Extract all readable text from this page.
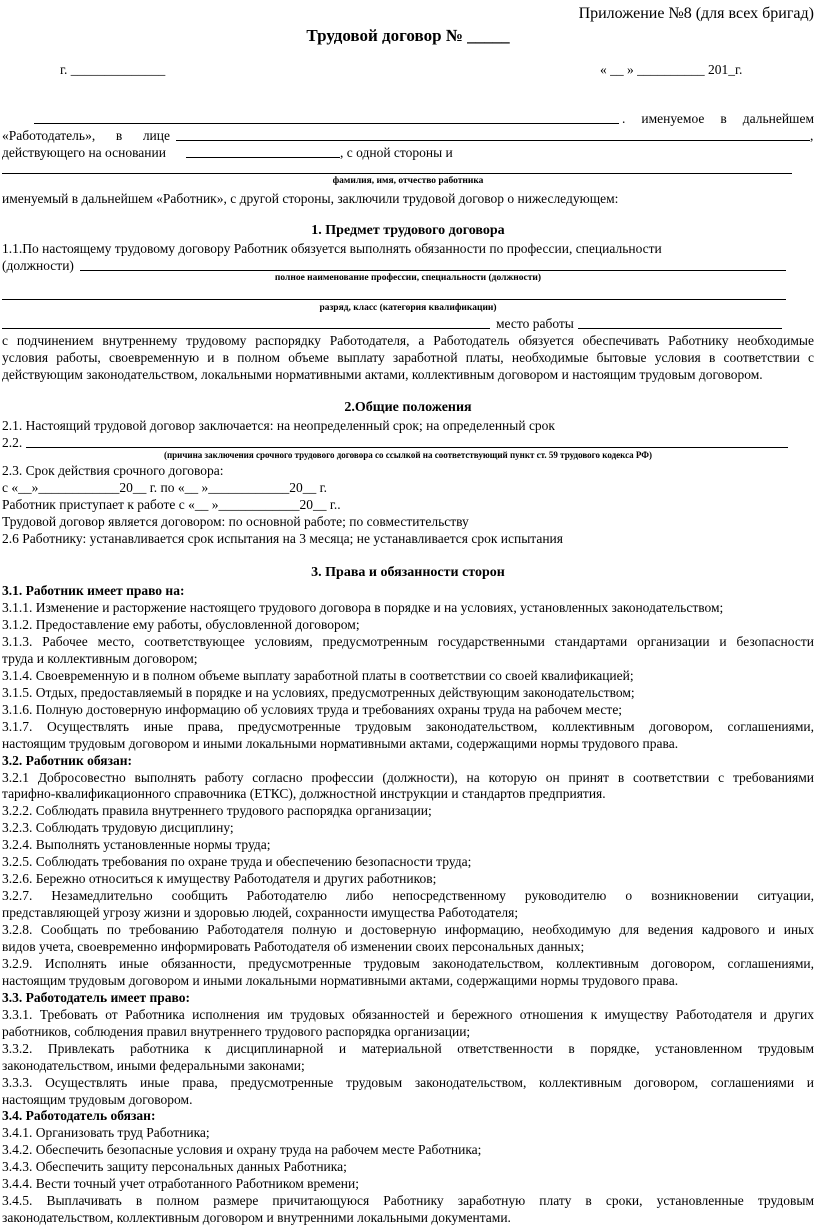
Приложение №8 (для всех бригад)
Трудовой договор № _____
г. ______________	« __ » __________ 201_г.
. именуемое в дальнейшем
«Работодатель», в лице	,
действующего на основании	, с одной стороны и
фамилия, имя, отчество работника
именуемый в дальнейшем «Работник», с другой стороны, заключили трудовой договор о нижеследующем:
1. Предмет трудового договора
1.1.По настоящему трудовому договору Работник обязуется выполнять обязанности по профессии, специальности
(должности)
полное наименование профессии, специальности (должности)
разряд, класс (категория квалификации)
место работы
с подчинением внутреннему трудовому распорядку Работодателя, а Работодатель обязуется обеспечивать Работнику необходимые
условия работы, своевременную и в полном объеме выплату заработной платы, необходимые бытовые условия в соответствии с
действующим законодательством, локальными нормативными актами, коллективным договором и настоящим трудовым договором.
2.Общие положения
2.1. Настоящий трудовой договор заключается: на неопределенный срок; на определенный срок
2.2.
(причина заключения срочного трудового договора со ссылкой на соответствующий пункт ст. 59 трудового кодекса РФ)
2.3. Срок действия срочного договора:
с «__»____________20__ г. по «__ »____________20__ г.
Работник приступает к работе с «__ »____________20__ г..
Трудовой договор является договором: по основной работе; по совместительству
2.6 Работнику: устанавливается срок испытания на 3 месяца; не устанавливается срок испытания
3. Права и обязанности сторон
3.1. Работник имеет право на:
3.1.1. Изменение и расторжение настоящего трудового договора в порядке и на условиях, установленных законодательством;
3.1.2. Предоставление ему работы, обусловленной договором;
3.1.3. Рабочее место, соответствующее условиям, предусмотренным государственными стандартами организации и безопасности
труда и коллективным договором;
3.1.4. Своевременную и в полном объеме выплату заработной платы в соответствии со своей квалификацией;
3.1.5. Отдых, предоставляемый в порядке и на условиях, предусмотренных действующим законодательством;
3.1.6. Полную достоверную информацию об условиях труда и требованиях охраны труда на рабочем месте;
3.1.7. Осуществлять иные права, предусмотренные трудовым законодательством, коллективным договором, соглашениями,
настоящим трудовым договором и иными локальными нормативными актами, содержащими нормы трудового права.
3.2. Работник обязан:
3.2.1 Добросовестно выполнять работу согласно профессии (должности), на которую он принят в соответствии с требованиями
тарифно-квалификационного справочника (ЕТКС), должностной инструкции и стандартов предприятия.
3.2.2. Соблюдать правила внутреннего трудового распорядка организации;
3.2.3. Соблюдать трудовую дисциплину;
3.2.4. Выполнять установленные нормы труда;
3.2.5. Соблюдать требования по охране труда и обеспечению безопасности труда;
3.2.6. Бережно относиться к имуществу Работодателя и других работников;
3.2.7. Незамедлительно сообщить Работодателю либо непосредственному руководителю о возникновении ситуации,
представляющей угрозу жизни и здоровью людей, сохранности имущества Работодателя;
3.2.8. Сообщать по требованию Работодателя полную и достоверную информацию, необходимую для ведения кадрового и иных
видов учета, своевременно информировать Работодателя об изменении своих персональных данных;
3.2.9. Исполнять иные обязанности, предусмотренные трудовым законодательством, коллективным договором, соглашениями,
настоящим трудовым договором и иными локальными нормативными актами, содержащими нормы трудового права.
3.3. Работодатель имеет право:
3.3.1. Требовать от Работника исполнения им трудовых обязанностей и бережного отношения к имуществу Работодателя и других
работников, соблюдения правил внутреннего трудового распорядка организации;
3.3.2. Привлекать работника к дисциплинарной и материальной ответственности в порядке, установленном трудовым
законодательством, иными федеральными законами;
3.3.3. Осуществлять иные права, предусмотренные трудовым законодательством, коллективным договором, соглашениями и
настоящим трудовым договором.
3.4. Работодатель обязан:
3.4.1. Организовать труд Работника;
3.4.2. Обеспечить безопасные условия и охрану труда на рабочем месте Работника;
3.4.3. Обеспечить защиту персональных данных Работника;
3.4.4. Вести точный учет отработанного Работником времени;
3.4.5. Выплачивать в полном размере причитающуюся Работнику заработную плату в сроки, установленные трудовым
законодательством, коллективным договором и внутренними локальными документами.
